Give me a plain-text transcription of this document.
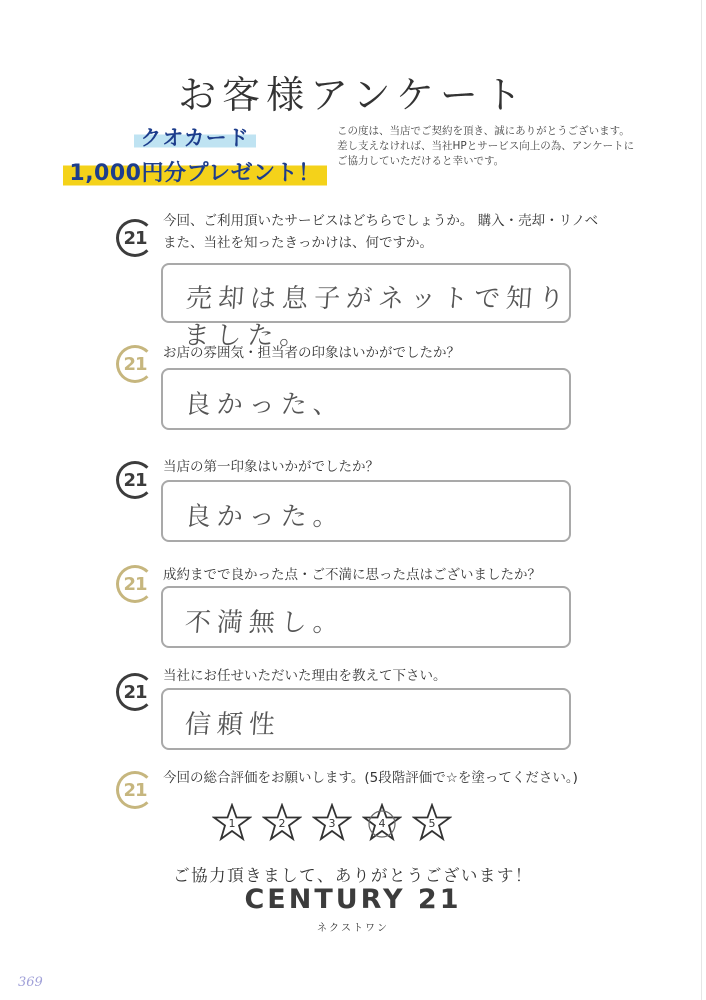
お客様アンケート
クオカード
1,000円分プレゼント！
この度は、当店でご契約を頂き、誠にありがとうございます。
差し支えなければ、当社HPとサービス向上の為、アンケートに
ご協力していただけると幸いです。
21
今回、ご利用頂いたサービスはどちらでしょうか。 購入・売却・リノベ
また、当社を知ったきっかけは、何ですか。
売却は息子がネットで知りました。
21
お店の雰囲気・担当者の印象はいかがでしたか？
良かった、
21
当店の第一印象はいかがでしたか？
良かった。
21	成約までで良かった点・ご不満に思った点はございましたか？
不満無し。
21
当社にお任せいただいた理由を教えて下さい。
信頼性
21
今回の総合評価をお願いします。(5段階評価で☆を塗ってください。)
1	2	3	4	5
ご協力頂きまして、ありがとうございます！
CENTURY 21
ネクストワン
369
